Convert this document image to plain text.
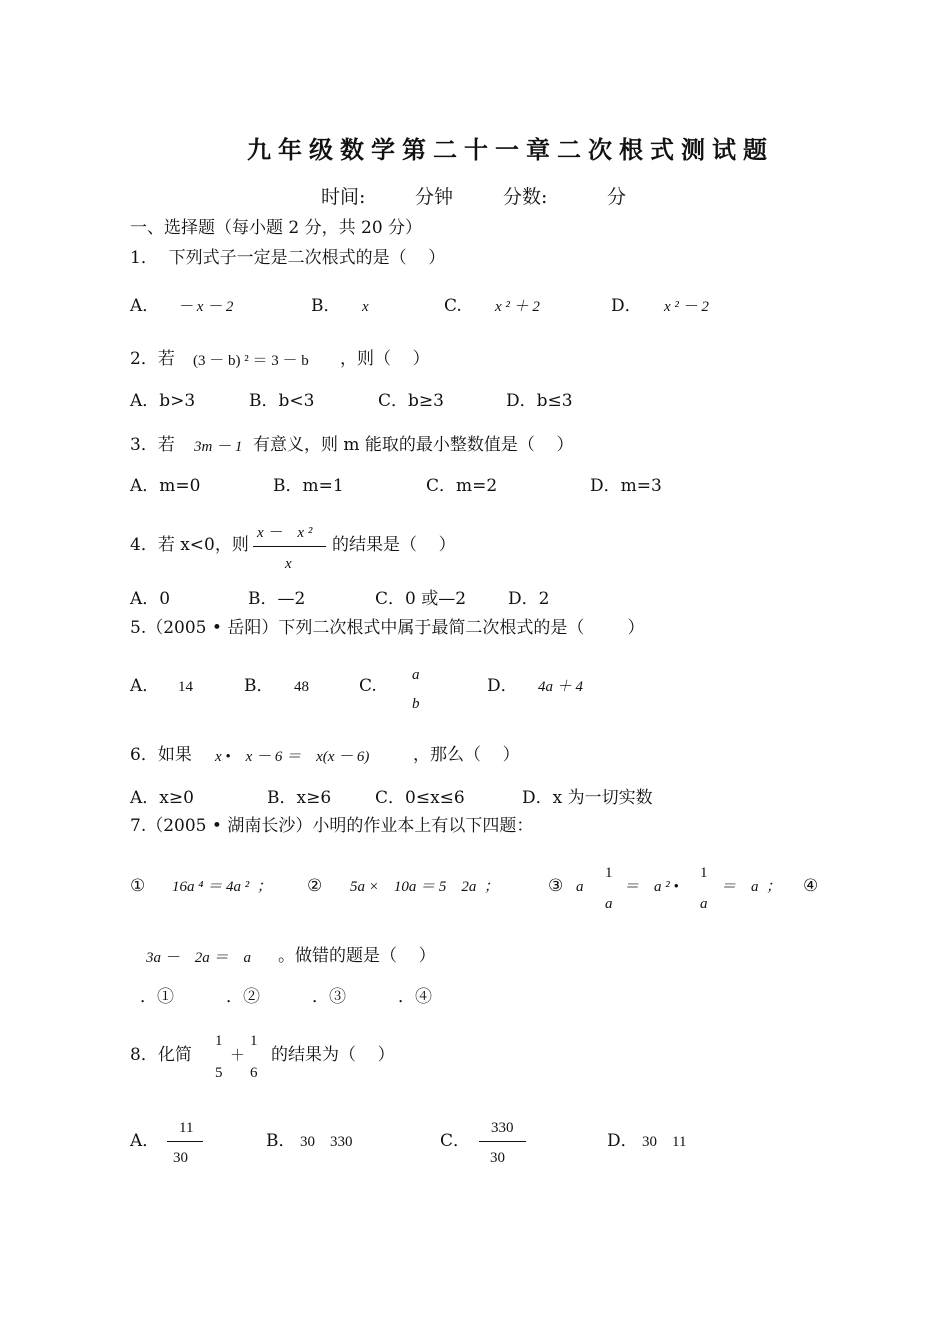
九年级数学第二十一章二次根式测试题
时间:	分钟	分数:	分
一、选择题（每小题 2 分，共 20 分）
1．  下列式子一定是二次根式的是（    ）
A． － x － 2	B． x	C. x ² ＋ 2	D． x ² － 2
2．若 (3 － b) ² ＝ 3 － b ，则（    ）
A．b>3	B．b<3	C．b≥3	D．b≤3
3．若 3m － 1 有意义，则 m 能取的最小整数值是（    ）
A．m=0	B．m=1	C．m=2	D．m=3
4．若 x<0，则
x －    x ²
x
的结果是（    ）
A．0	B．—2	C．0 或—2 D．2
5.（2005 • 岳阳）下列二次根式中属于最简二次根式的是（        ）
A． 14	B． 48	C.
a
b
D． 4a ＋ 4
6．如果 x •    x － 6 ＝    x(x － 6)	，那么（    ）
A．x≥0	B．x≥6	C．0≤x≤6	D．x 为一切实数
7.（2005 • 湖南长沙）小明的作业本上有以下四题：
① 16a ⁴ ＝ 4a ²  ； ② 5a ×    10a ＝ 5    2a  ；	③ a
1
a
＝    a ² •
1
a
＝    a  ； ④
3a －    2a ＝    a 。做错的题是（    ）
．①	．②	．③	．④
8．化简
1
5
＋
1
6
的结果为（    ）
A．
11
30
B． 30    330	C．
330
30
D． 30    11
